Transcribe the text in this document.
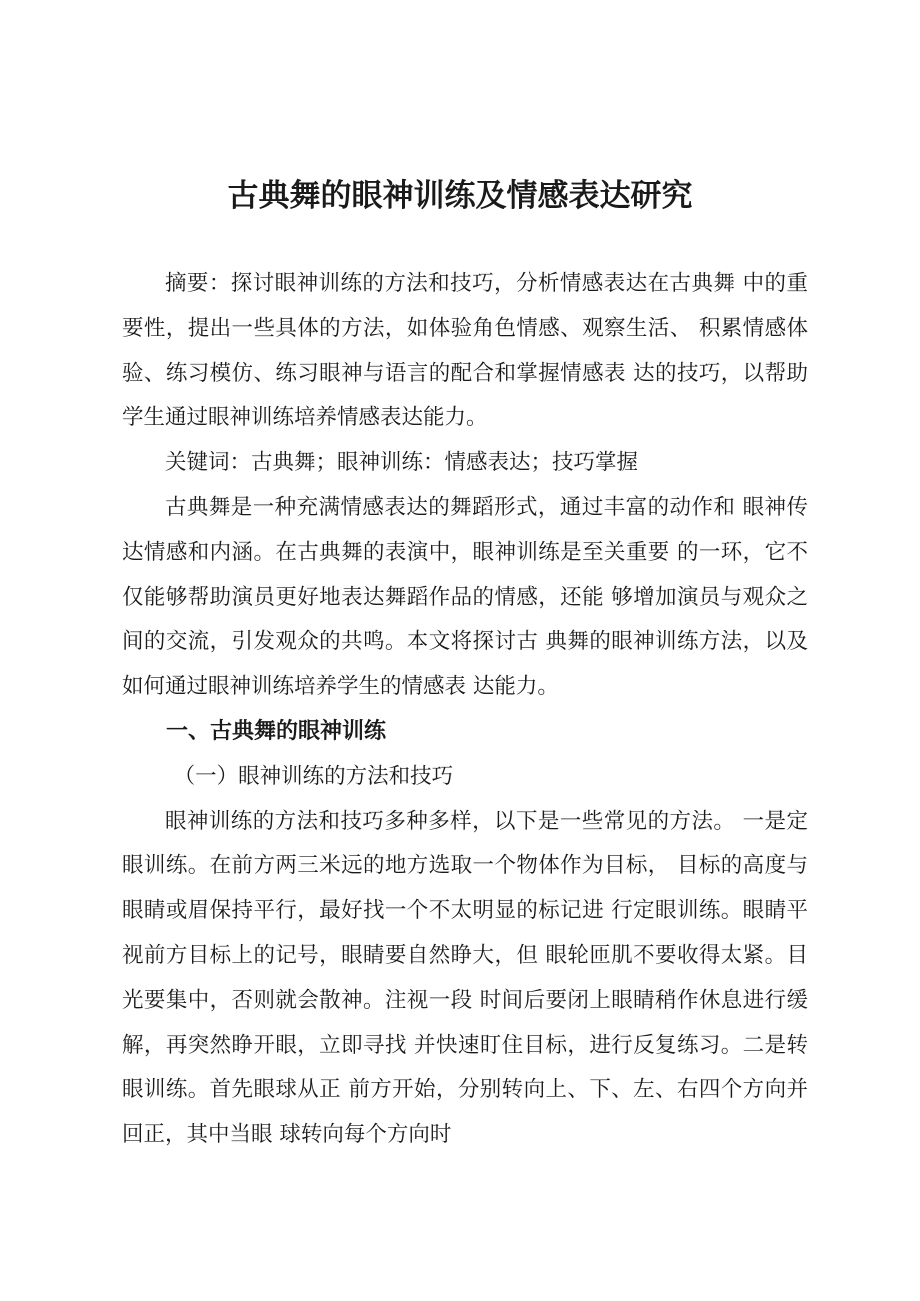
古典舞的眼神训练及情感表达研究

摘要：探讨眼神训练的方法和技巧，分析情感表达在古典舞 中的重要性，提出一些具体的方法，如体验角色情感、观察生活、 积累情感体验、练习模仿、练习眼神与语言的配合和掌握情感表 达的技巧，以帮助学生通过眼神训练培养情感表达能力。

关键词：古典舞；眼神训练：情感表达；技巧掌握

古典舞是一种充满情感表达的舞蹈形式，通过丰富的动作和 眼神传达情感和内涵。在古典舞的表演中，眼神训练是至关重要 的一环，它不仅能够帮助演员更好地表达舞蹈作品的情感，还能 够增加演员与观众之间的交流，引发观众的共鸣。本文将探讨古 典舞的眼神训练方法，以及如何通过眼神训练培养学生的情感表 达能力。

一、古典舞的眼神训练
（一）眼神训练的方法和技巧

眼神训练的方法和技巧多种多样，以下是一些常见的方法。 一是定眼训练。在前方两三米远的地方选取一个物体作为目标， 目标的高度与眼睛或眉保持平行，最好找一个不太明显的标记进 行定眼训练。眼睛平视前方目标上的记号，眼睛要自然睁大，但 眼轮匝肌不要收得太紧。目光要集中，否则就会散神。注视一段 时间后要闭上眼睛稍作休息进行缓解，再突然睁开眼，立即寻找 并快速盯住目标，进行反复练习。二是转眼训练。首先眼球从正 前方开始，分别转向上、下、左、右四个方向并回正，其中当眼 球转向每个方向时
